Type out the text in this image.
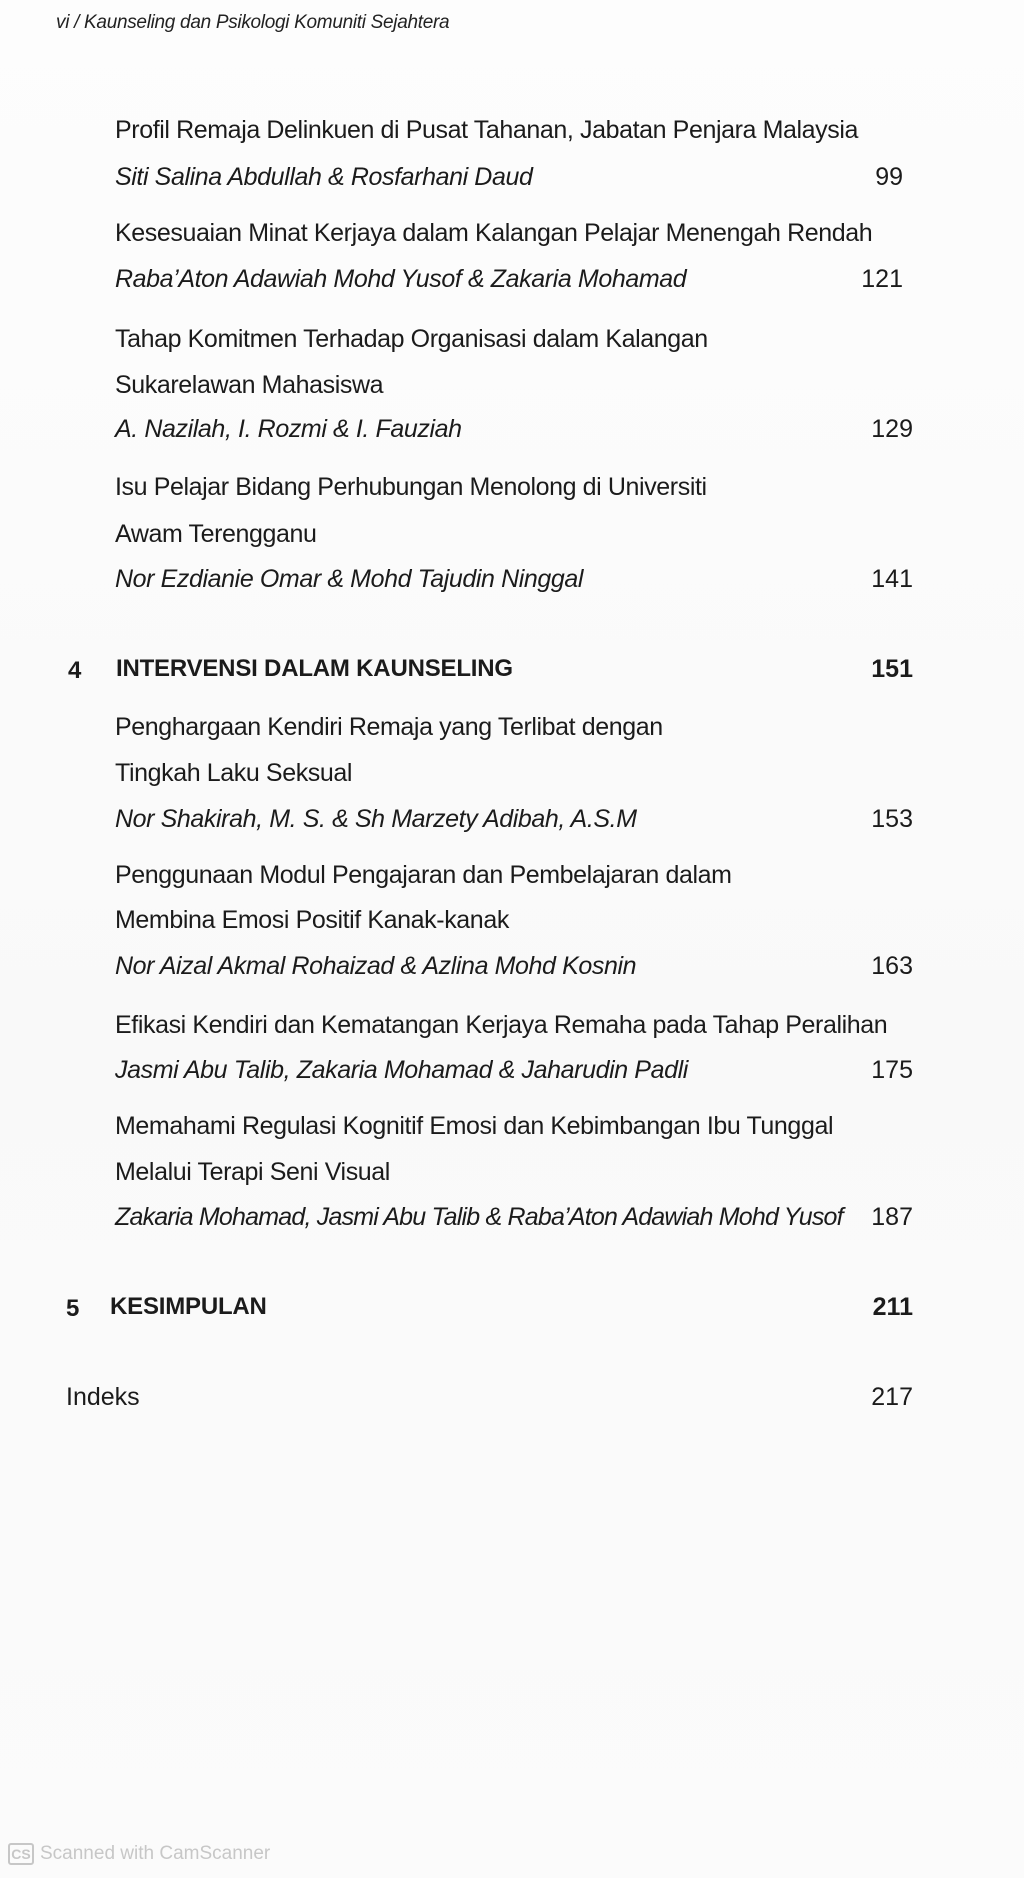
vi / Kaunseling dan Psikologi Komuniti Sejahtera
Profil Remaja Delinkuen di Pusat Tahanan, Jabatan Penjara Malaysia
Siti Salina Abdullah & Rosfarhani Daud	99
Kesesuaian Minat Kerjaya dalam Kalangan Pelajar Menengah Rendah
Raba’Aton Adawiah Mohd Yusof & Zakaria Mohamad	121
Tahap Komitmen Terhadap Organisasi dalam Kalangan
Sukarelawan Mahasiswa
A. Nazilah, I. Rozmi & I. Fauziah	129
Isu Pelajar Bidang Perhubungan Menolong di Universiti
Awam Terengganu
Nor Ezdianie Omar & Mohd Tajudin Ninggal	141
4 INTERVENSI DALAM KAUNSELING	151
Penghargaan Kendiri Remaja yang Terlibat dengan
Tingkah Laku Seksual
Nor Shakirah, M. S. & Sh Marzety Adibah, A.S.M	153
Penggunaan Modul Pengajaran dan Pembelajaran dalam
Membina Emosi Positif Kanak-kanak
Nor Aizal Akmal Rohaizad & Azlina Mohd Kosnin	163
Efikasi Kendiri dan Kematangan Kerjaya Remaha pada Tahap Peralihan
Jasmi Abu Talib, Zakaria Mohamad & Jaharudin Padli	175
Memahami Regulasi Kognitif Emosi dan Kebimbangan Ibu Tunggal
Melalui Terapi Seni Visual
Zakaria Mohamad, Jasmi Abu Talib & Raba’Aton Adawiah Mohd Yusof	187
5 KESIMPULAN	211
Indeks	217
CS Scanned with CamScanner
